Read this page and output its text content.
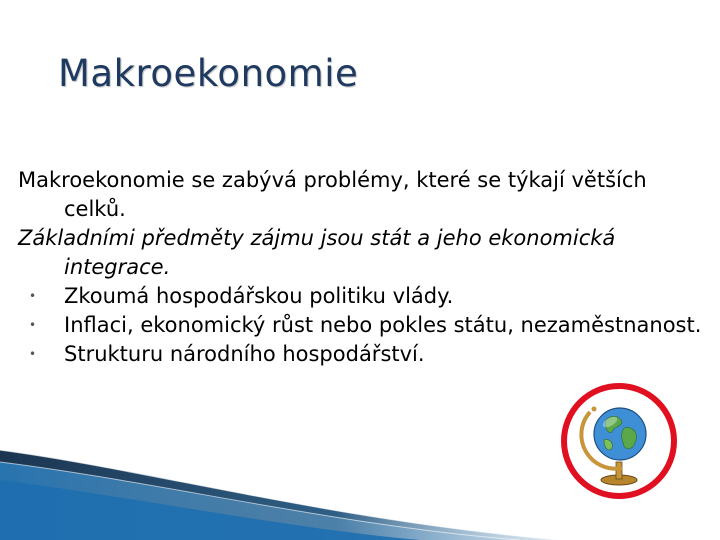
Makroekonomie

Makroekonomie se zabývá problémy, které se týkají větších celků.

Základními předměty zájmu jsou stát a jeho ekonomická integrace.

• Zkoumá hospodářskou politiku vlády.
• Inflaci, ekonomický růst nebo pokles státu, nezaměstnanost.
• Strukturu národního hospodářství.
